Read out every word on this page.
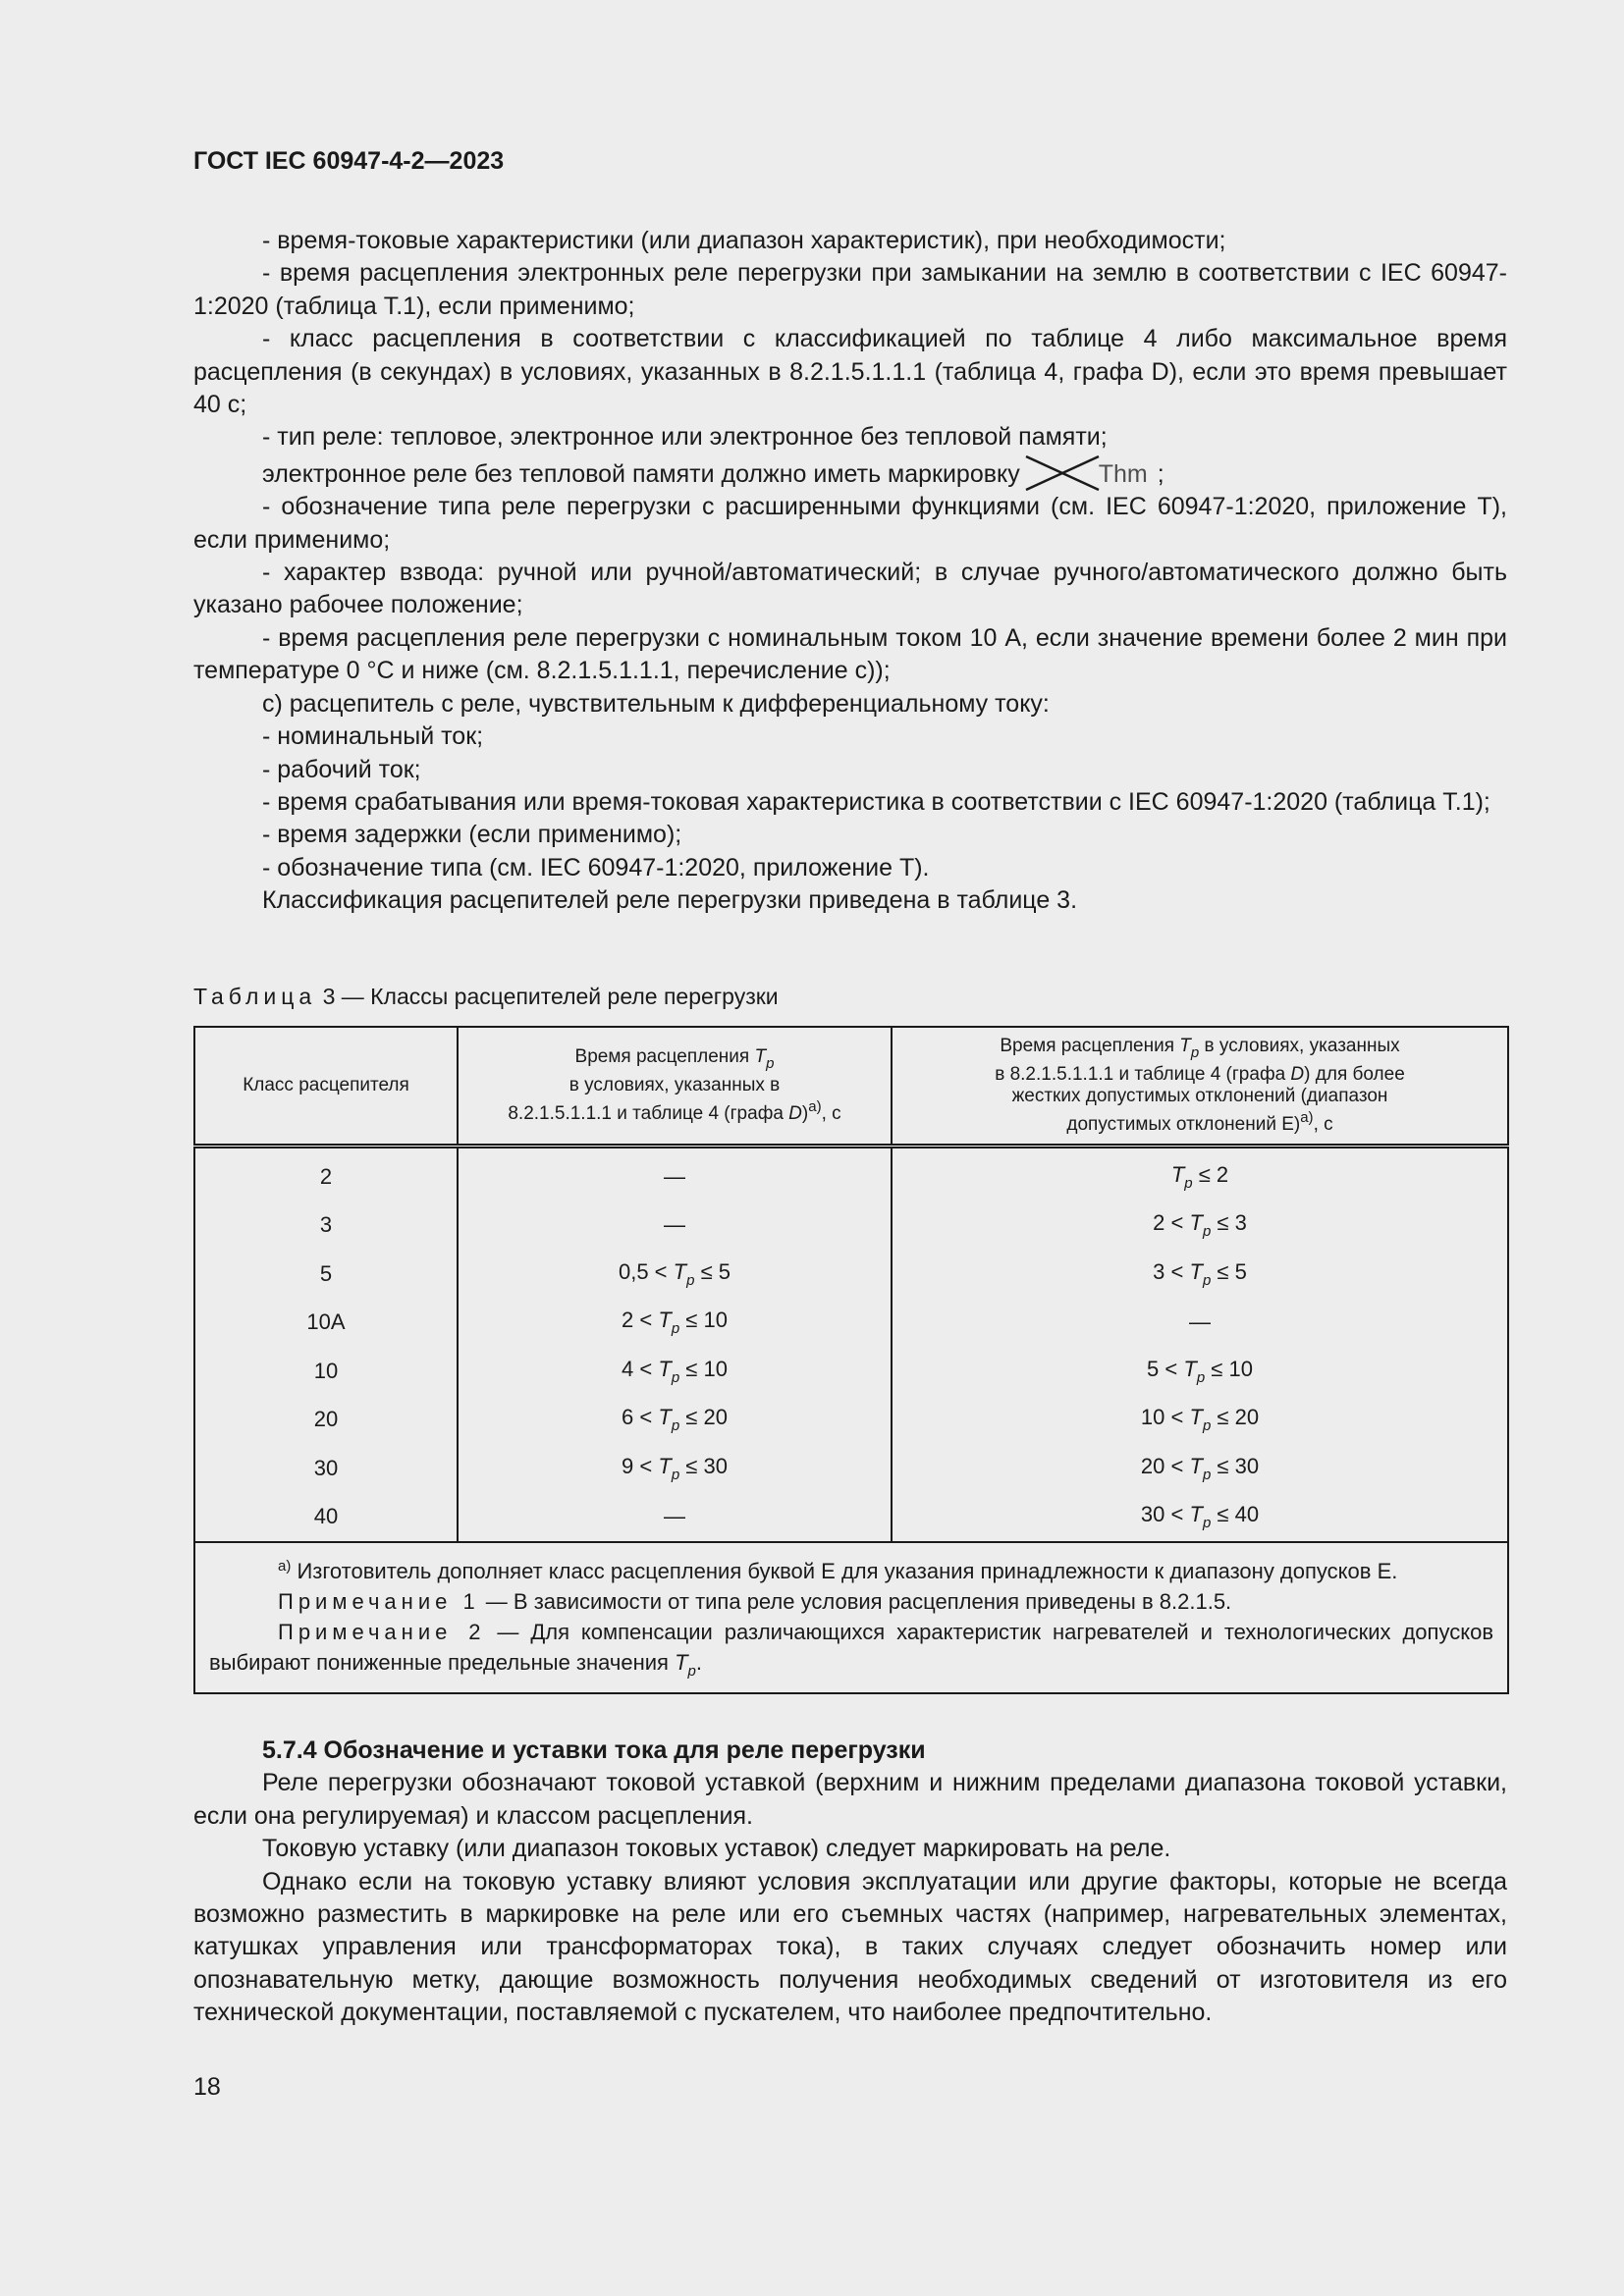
ГОСТ IEC 60947-4-2—2023

- время-токовые характеристики (или диапазон характеристик), при необходимости;

- время расцепления электронных реле перегрузки при замыкании на землю в соответствии с IEC 60947-1:2020 (таблица Т.1), если применимо;

- класс расцепления в соответствии с классификацией по таблице 4 либо максимальное время расцепления (в секундах) в условиях, указанных в 8.2.1.5.1.1.1 (таблица 4, графа D), если это время превышает 40 с;

- тип реле: тепловое, электронное или электронное без тепловой памяти;

электронное реле без тепловой памяти должно иметь маркировку	Thm ;

- обозначение типа реле перегрузки с расширенными функциями (см. IEC 60947-1:2020, приложение Т), если применимо;

- характер взвода: ручной или ручной/автоматический; в случае ручного/автоматического должно быть указано рабочее положение;

- время расцепления реле перегрузки с номинальным током 10 А, если значение времени более 2 мин при температуре 0 °С и ниже (см. 8.2.1.5.1.1.1, перечисление с));

с) расцепитель с реле, чувствительным к дифференциальному току:

- номинальный ток;

- рабочий ток;

- время срабатывания или время-токовая характеристика в соответствии с IEC 60947-1:2020 (таблица Т.1);

- время задержки (если применимо);

- обозначение типа (см. IEC 60947-1:2020, приложение Т).

Классификация расцепителей реле перегрузки приведена в таблице 3.

Таблица 3 — Классы расцепителей реле перегрузки
Класс расцепителя	Время расцепления $T_p$
в условиях, указанных в
8.2.1.5.1.1.1 и таблице 4 (графа D)$^{а)}$, с	Время расцепления $T_p$ в условиях, указанных
в 8.2.1.5.1.1.1 и таблице 4 (графа D) для более
жестких допустимых отклонений (диапазон
допустимых отклонений Е)$^{а)}$, с
2	—	$T_p \le 2$
3	—	$2 < T_p \le 3$
5	$0,5 < T_p \le 5$	$3 < T_p \le 5$
10A	$2 < T_p \le 10$	—
10	$4 < T_p \le 10$	$5 < T_p \le 10$
20	$6 < T_p \le 20$	$10 < T_p \le 20$
30	$9 < T_p \le 30$	$20 < T_p \le 30$
40	—	$30 < T_p \le 40$

$^{а)}$ Изготовитель дополняет класс расцепления буквой Е для указания принадлежности к диапазону допусков Е.

Примечание 1 — В зависимости от типа реле условия расцепления приведены в 8.2.1.5.

Примечание 2 — Для компенсации различающихся характеристик нагревателей и технологических допусков выбирают пониженные предельные значения $T_p$.		

5.7.4 Обозначение и уставки тока для реле перегрузки

Реле перегрузки обозначают токовой уставкой (верхним и нижним пределами диапазона токовой уставки, если она регулируемая) и классом расцепления.

Токовую уставку (или диапазон токовых уставок) следует маркировать на реле.

Однако если на токовую уставку влияют условия эксплуатации или другие факторы, которые не всегда возможно разместить в маркировке на реле или его съемных частях (например, нагревательных элементах, катушках управления или трансформаторах тока), в таких случаях следует обозначить номер или опознавательную метку, дающие возможность получения необходимых сведений от изготовителя из его технической документации, поставляемой с пускателем, что наиболее предпочтительно.

18
